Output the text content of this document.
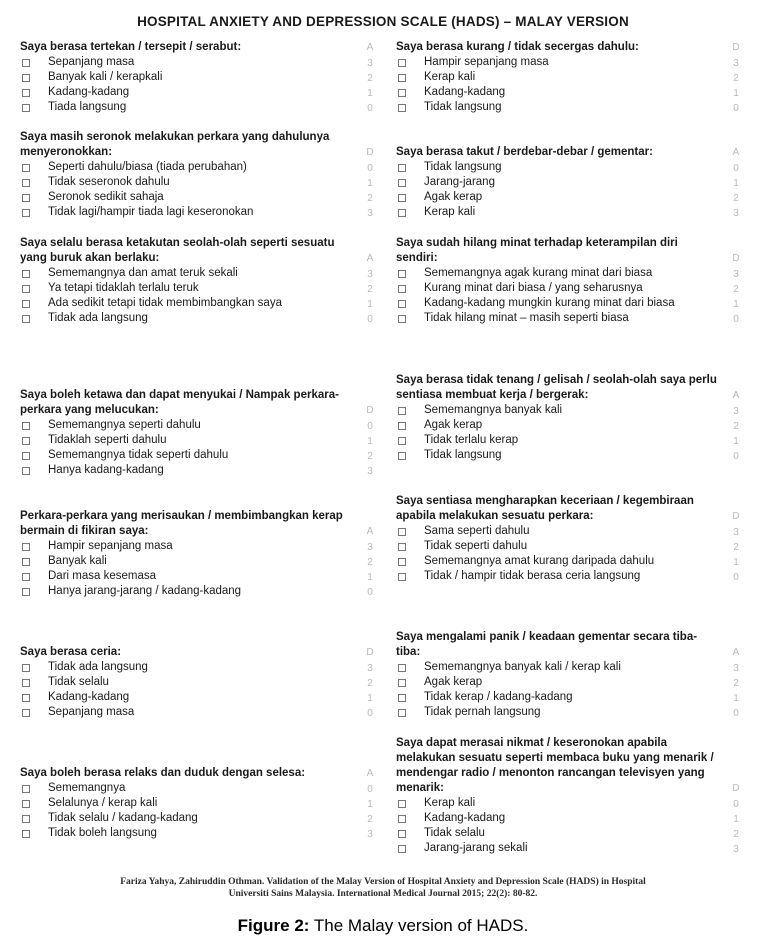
HOSPITAL ANXIETY AND DEPRESSION SCALE (HADS) – MALAY VERSION

Saya berasa tertekan / tersepit / serabut:	A

Sepanjang masa	3

Banyak kali / kerapkali	2

Kadang-kadang	1

Tiada langsung	0

Saya masih seronok melakukan perkara yang dahulunya menyeronokkan:	D

Seperti dahulu/biasa (tiada perubahan)	0

Tidak seseronok dahulu	1

Seronok sedikit sahaja	2

Tidak lagi/hampir tiada lagi keseronokan	3

Saya selalu berasa ketakutan seolah-olah seperti sesuatu yang buruk akan berlaku:	A

Sememangnya dan amat teruk sekali	3

Ya tetapi tidaklah terlalu teruk	2

Ada sedikit tetapi tidak membimbangkan saya	1

Tidak ada langsung	0

Saya boleh ketawa dan dapat menyukai / Nampak perkara-perkara yang melucukan:	D

Sememangnya seperti dahulu	0

Tidaklah seperti dahulu	1

Sememangnya tidak seperti dahulu	2

Hanya kadang-kadang	3

Perkara-perkara yang merisaukan / membimbangkan kerap bermain di fikiran saya:	A

Hampir sepanjang masa	3

Banyak kali	2

Dari masa kesemasa	1

Hanya jarang-jarang / kadang-kadang	0

Saya berasa ceria:	D

Tidak ada langsung	3

Tidak selalu	2

Kadang-kadang	1

Sepanjang masa	0

Saya boleh berasa relaks dan duduk dengan selesa:	A

Sememangnya	0

Selalunya / kerap kali	1

Tidak selalu / kadang-kadang	2

Tidak boleh langsung	3

Saya berasa kurang / tidak secergas dahulu:	D

Hampir sepanjang masa	3

Kerap kali	2

Kadang-kadang	1

Tidak langsung	0

Saya berasa takut / berdebar-debar / gementar:	A

Tidak langsung	0

Jarang-jarang	1

Agak kerap	2

Kerap kali	3

Saya sudah hilang minat terhadap keterampilan diri sendiri:	D

Sememangnya agak kurang minat dari biasa	3

Kurang minat dari biasa / yang seharusnya	2

Kadang-kadang mungkin kurang minat dari biasa	1

Tidak hilang minat – masih seperti biasa	0

Saya berasa tidak tenang / gelisah / seolah-olah saya perlu sentiasa membuat kerja / bergerak:	A

Sememangnya banyak kali	3

Agak kerap	2

Tidak terlalu kerap	1

Tidak langsung	0

Saya sentiasa mengharapkan keceriaan / kegembiraan apabila melakukan sesuatu perkara:	D

Sama seperti dahulu	3

Tidak seperti dahulu	2

Sememangnya amat kurang daripada dahulu	1

Tidak / hampir tidak berasa ceria langsung	0

Saya mengalami panik / keadaan gementar secara tiba-tiba:	A

Sememangnya banyak kali / kerap kali	3

Agak kerap	2

Tidak kerap / kadang-kadang	1

Tidak pernah langsung	0

Saya dapat merasai nikmat / keseronokan apabila melakukan sesuatu seperti membaca buku yang menarik / mendengar radio / menonton rancangan televisyen yang menarik:	D

Kerap kali	0

Kadang-kadang	1

Tidak selalu	2

Jarang-jarang sekali	3

Fariza Yahya, Zahiruddin Othman. Validation of the Malay Version of Hospital Anxiety and Depression Scale (HADS) in Hospital
Universiti Sains Malaysia. International Medical Journal 2015; 22(2): 80-82.
Figure 2: The Malay version of HADS.
